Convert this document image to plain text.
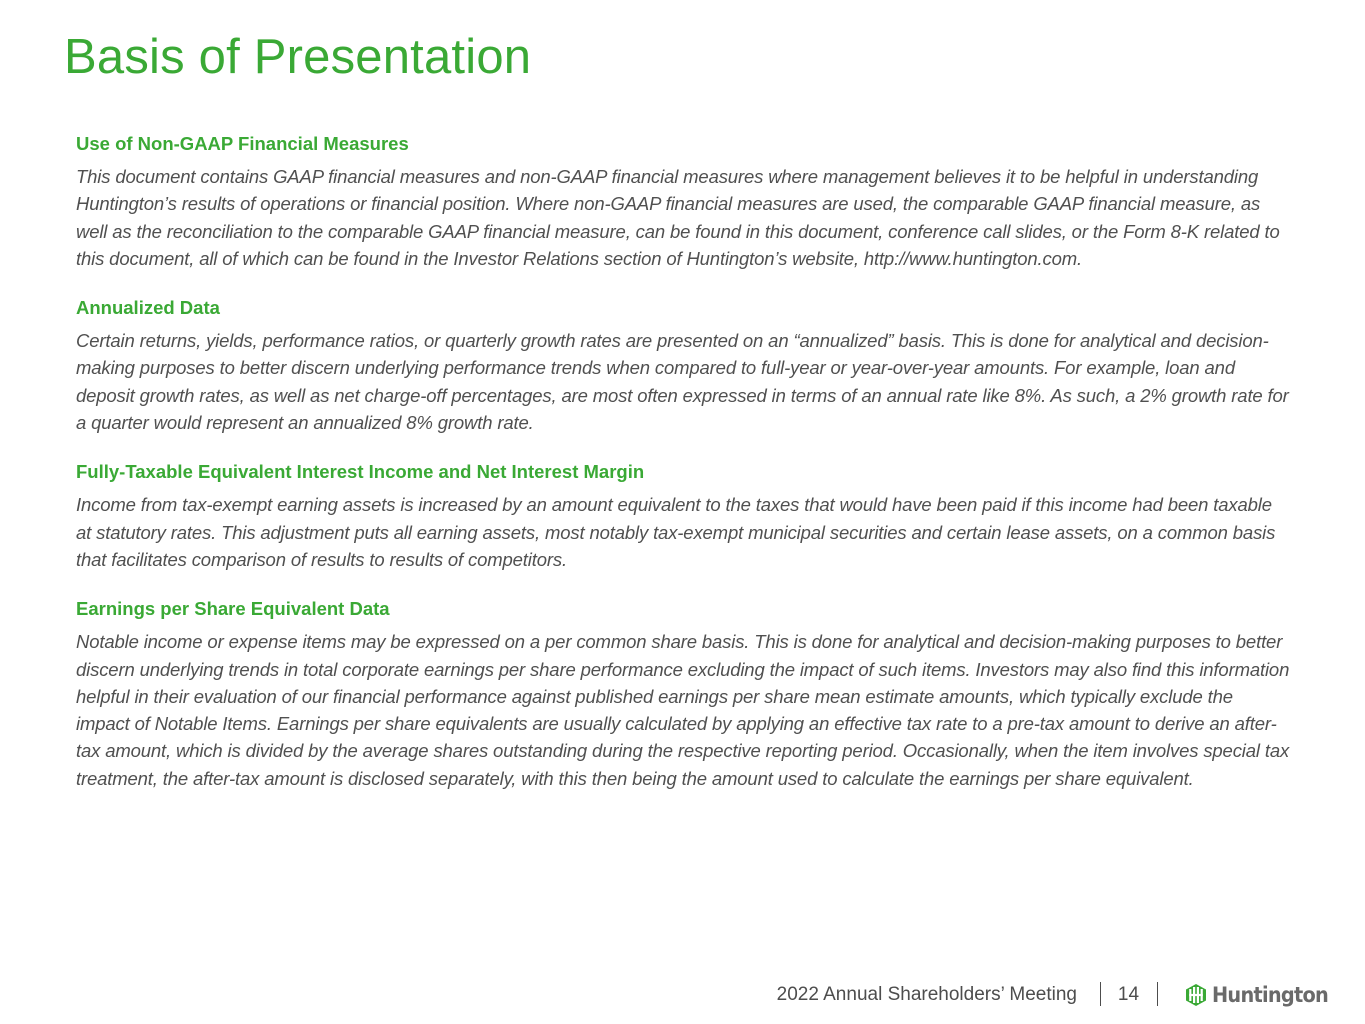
Basis of Presentation
Use of Non-GAAP Financial Measures

This document contains GAAP financial measures and non-GAAP financial measures where management believes it to be helpful in understanding Huntington’s results of operations or financial position. Where non-GAAP financial measures are used, the comparable GAAP financial measure, as well as the reconciliation to the comparable GAAP financial measure, can be found in this document, conference call slides, or the Form 8-K related to this document, all of which can be found in the Investor Relations section of Huntington’s website, http://www.huntington.com.

Annualized Data

Certain returns, yields, performance ratios, or quarterly growth rates are presented on an “annualized” basis. This is done for analytical and decision-making purposes to better discern underlying performance trends when compared to full-year or year-over-year amounts. For example, loan and deposit growth rates, as well as net charge-off percentages, are most often expressed in terms of an annual rate like 8%. As such, a 2% growth rate for a quarter would represent an annualized 8% growth rate.

Fully-Taxable Equivalent Interest Income and Net Interest Margin

Income from tax-exempt earning assets is increased by an amount equivalent to the taxes that would have been paid if this income had been taxable at statutory rates. This adjustment puts all earning assets, most notably tax-exempt municipal securities and certain lease assets, on a common basis that facilitates comparison of results to results of competitors.

Earnings per Share Equivalent Data

Notable income or expense items may be expressed on a per common share basis. This is done for analytical and decision-making purposes to better discern underlying trends in total corporate earnings per share performance excluding the impact of such items. Investors may also find this information helpful in their evaluation of our financial performance against published earnings per share mean estimate amounts, which typically exclude the impact of Notable Items. Earnings per share equivalents are usually calculated by applying an effective tax rate to a pre-tax amount to derive an after-tax amount, which is divided by the average shares outstanding during the respective reporting period. Occasionally, when the item involves special tax treatment, the after-tax amount is disclosed separately, with this then being the amount used to calculate the earnings per share equivalent.

2022 Annual Shareholders’ Meeting	14	Huntington
